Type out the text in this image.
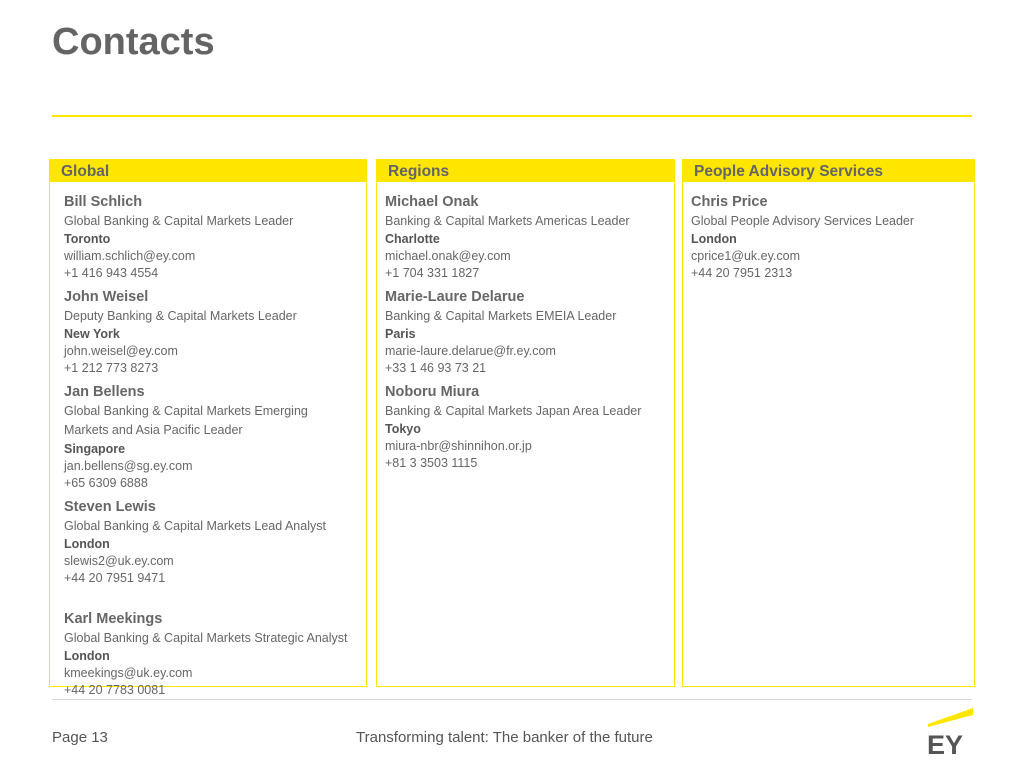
Contacts
Global
Bill Schlich
Global Banking & Capital Markets Leader
Toronto
william.schlich@ey.com
+1 416 943 4554
John Weisel
Deputy Banking & Capital Markets Leader
New York
john.weisel@ey.com
+1 212 773 8273
Jan Bellens
Global Banking & Capital Markets Emerging Markets and Asia Pacific Leader
Singapore
jan.bellens@sg.ey.com
+65 6309 6888
Steven Lewis
Global Banking & Capital Markets Lead Analyst
London
slewis2@uk.ey.com
+44 20 7951 9471
Karl Meekings
Global Banking & Capital Markets Strategic Analyst
London
kmeekings@uk.ey.com
+44 20 7783 0081
Regions
Michael Onak
Banking & Capital Markets Americas Leader
Charlotte
michael.onak@ey.com
+1 704 331 1827
Marie-Laure Delarue
Banking & Capital Markets EMEIA Leader
Paris
marie-laure.delarue@fr.ey.com
+33 1 46 93 73 21
Noboru Miura
Banking & Capital Markets Japan Area Leader
Tokyo
miura-nbr@shinnihon.or.jp
+81 3 3503 1115
People Advisory Services
Chris Price
Global People Advisory Services Leader
London
cprice1@uk.ey.com
+44 20 7951 2313
Page 13	Transforming talent: The banker of the future	EY
